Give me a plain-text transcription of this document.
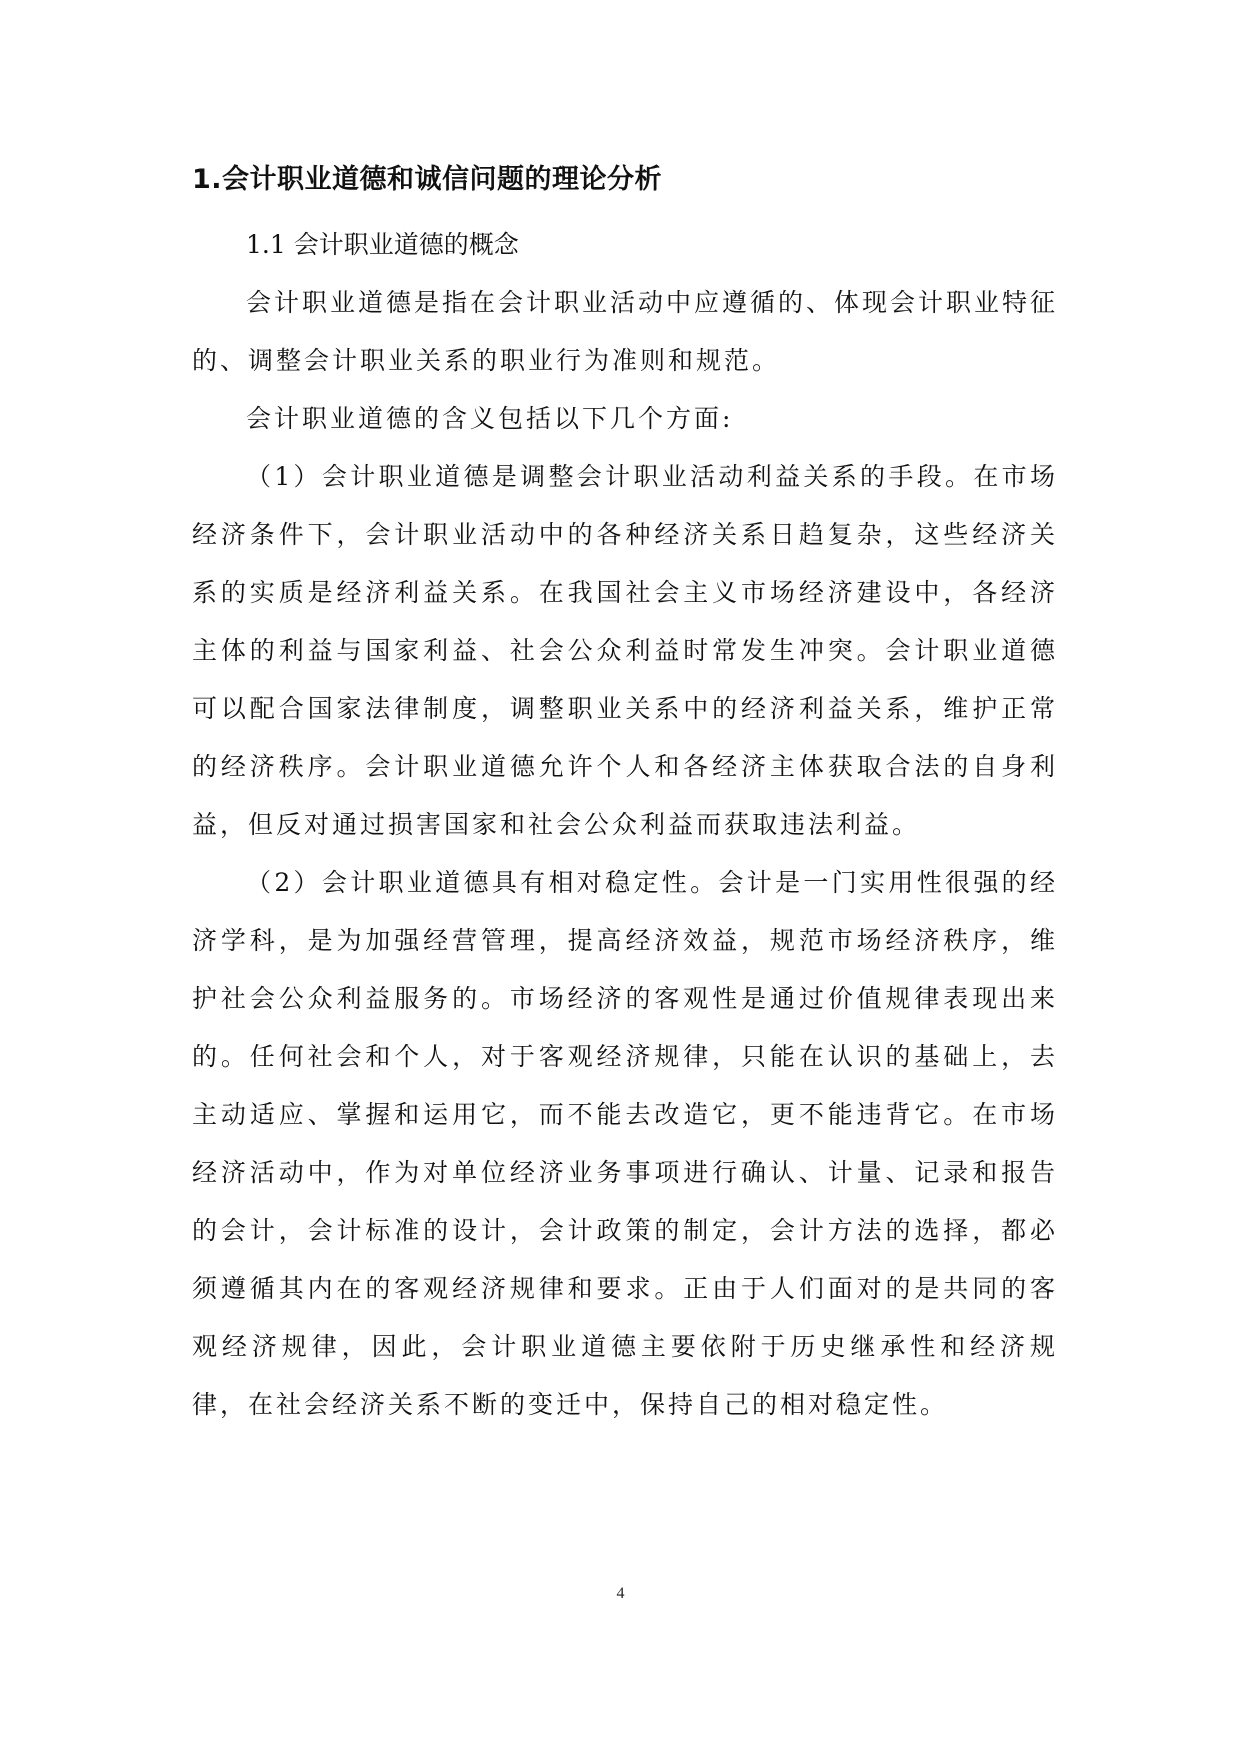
1.会计职业道德和诚信问题的理论分析
1.1 会计职业道德的概念

会计职业道德是指在会计职业活动中应遵循的、体现会计职业特征的、调整会计职业关系的职业行为准则和规范。

会计职业道德的含义包括以下几个方面:

（1）会计职业道德是调整会计职业活动利益关系的手段。在市场经济条件下，会计职业活动中的各种经济关系日趋复杂，这些经济关系的实质是经济利益关系。在我国社会主义市场经济建设中，各经济主体的利益与国家利益、社会公众利益时常发生冲突。会计职业道德可以配合国家法律制度，调整职业关系中的经济利益关系，维护正常的经济秩序。会计职业道德允许个人和各经济主体获取合法的自身利益，但反对通过损害国家和社会公众利益而获取违法利益。

（2）会计职业道德具有相对稳定性。会计是一门实用性很强的经济学科，是为加强经营管理，提高经济效益，规范市场经济秩序，维护社会公众利益服务的。市场经济的客观性是通过价值规律表现出来的。任何社会和个人，对于客观经济规律，只能在认识的基础上，去主动适应、掌握和运用它，而不能去改造它，更不能违背它。在市场经济活动中，作为对单位经济业务事项进行确认、计量、记录和报告的会计，会计标准的设计，会计政策的制定，会计方法的选择，都必须遵循其内在的客观经济规律和要求。正由于人们面对的是共同的客观经济规律，因此，会计职业道德主要依附于历史继承性和经济规律，在社会经济关系不断的变迁中，保持自己的相对稳定性。

4
